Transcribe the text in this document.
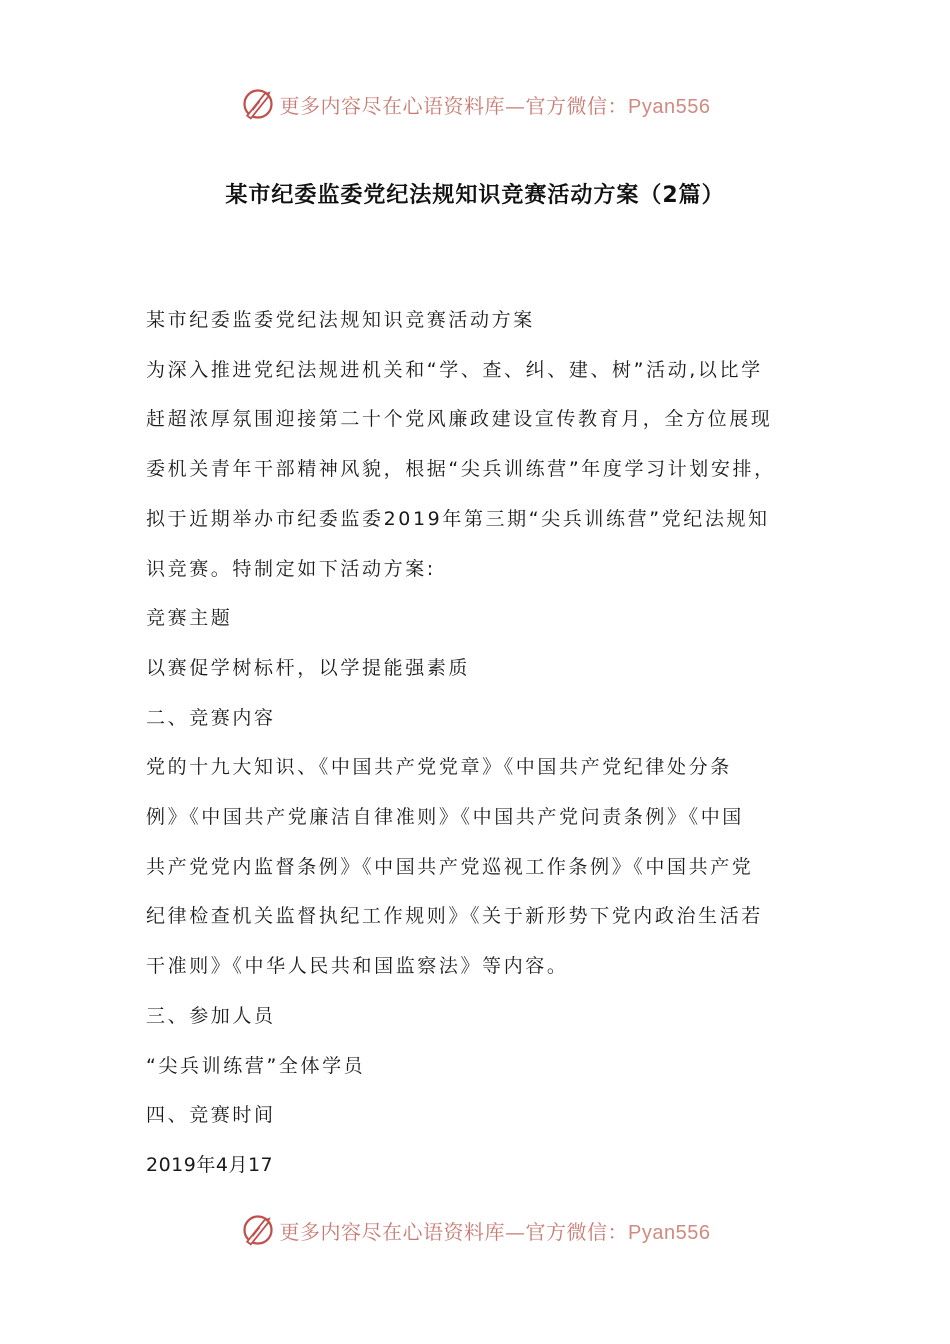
更多内容尽在心语资料库—官方微信：Pyan556
某市纪委监委党纪法规知识竞赛活动方案（2篇）

某市纪委监委党纪法规知识竞赛活动方案

为深入推进党纪法规进机关和“学、查、纠、建、树”活动,以比学

赶超浓厚氛围迎接第二十个党风廉政建设宣传教育月，全方位展现

委机关青年干部精神风貌，根据“尖兵训练营”年度学习计划安排，

拟于近期举办市纪委监委2019年第三期“尖兵训练营”党纪法规知

识竞赛。特制定如下活动方案:

竞赛主题

以赛促学树标杆，以学提能强素质

二、竞赛内容

党的十九大知识、《中国共产党党章》《中国共产党纪律处分条

例》《中国共产党廉洁自律准则》《中国共产党问责条例》《中国

共产党党内监督条例》《中国共产党巡视工作条例》《中国共产党

纪律检查机关监督执纪工作规则》《关于新形势下党内政治生活若

干准则》《中华人民共和国监察法》等内容。

三、参加人员

“尖兵训练营”全体学员

四、竞赛时间

2019年4月17

更多内容尽在心语资料库—官方微信：Pyan556
